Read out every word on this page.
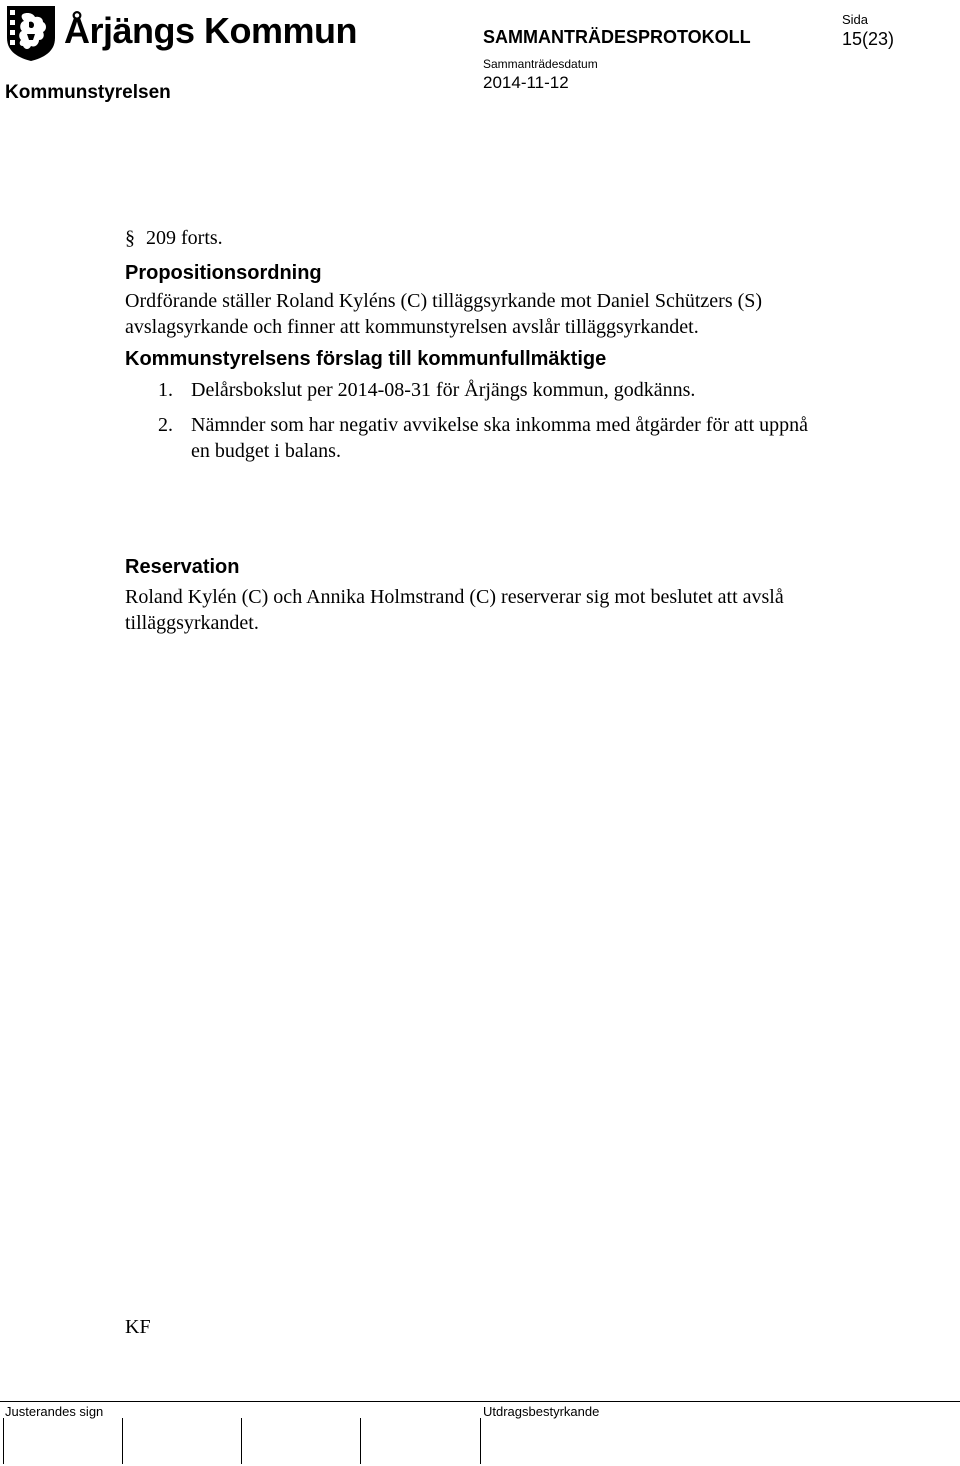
Årjängs Kommun
Kommunstyrelsen
SAMMANTRÄDESPROTOKOLL
Sammanträdesdatum
2014-11-12
Sida
15(23)

§ 209 forts.

Propositionsordning

Ordförande ställer Roland Kyléns (C) tilläggsyrkande mot Daniel Schützers (S) avslagsyrkande och finner att kommunstyrelsen avslår tilläggsyrkandet.

Kommunstyrelsens förslag till kommunfullmäktige
1. Delårsbokslut per 2014-08-31 för Årjängs kommun, godkänns.
2. Nämnder som har negativ avvikelse ska inkomma med åtgärder för att uppnå en budget i balans.
Reservation

Roland Kylén (C) och Annika Holmstrand (C) reserverar sig mot beslutet att avslå tilläggsyrkandet.

KF
Justerandes sign	Utdragsbestyrkande
